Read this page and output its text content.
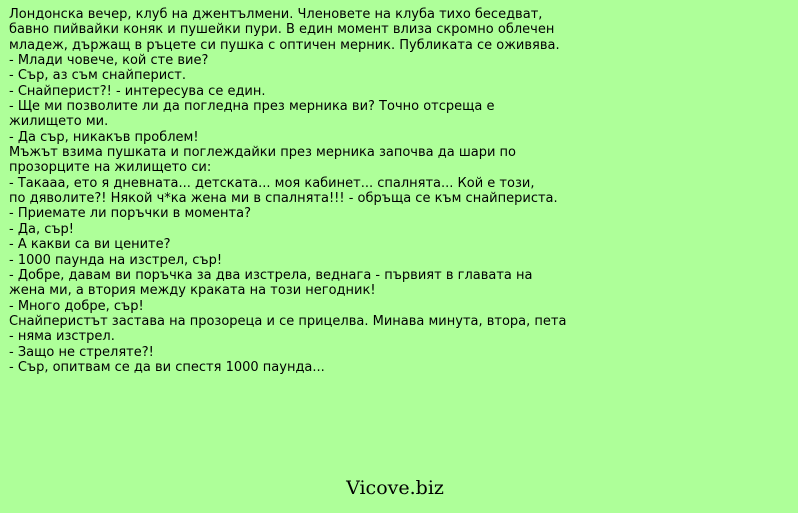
Лондонска вечер, клуб на джентълмени. Членовете на клуба тихо беседват,
бавно пийвайки коняк и пушейки пури. В един момент влиза скромно облечен
младеж, държащ в ръцете си пушка с оптичен мерник. Публиката се оживява.
- Млади човече, кой сте вие?
- Сър, аз съм снайперист.
- Снайперист?! - интересува се един.
- Ще ми позволите ли да погледна през мерника ви? Точно отсреща е
жилището ми.
- Да сър, никакъв проблем!
Мъжът взима пушката и поглеждайки през мерника започва да шари по
прозорците на жилището си:
- Такааа, ето я дневната... детската... моя кабинет... спалнята... Кой е този,
по дяволите?! Някой ч*ка жена ми в спалнята!!! - обръща се към снайпериста.
- Приемате ли поръчки в момента?
- Да, сър!
- А какви са ви цените?
- 1000 паунда на изстрел, сър!
- Добре, давам ви поръчка за два изстрела, веднага - първият в главата на
жена ми, а втория между краката на този негодник!
- Много добре, сър!
Снайперистът застава на прозореца и се прицелва. Минава минута, втора, пета
- няма изстрел.
- Защо не стреляте?!
- Сър, опитвам се да ви спестя 1000 паунда...
Vicove.biz
